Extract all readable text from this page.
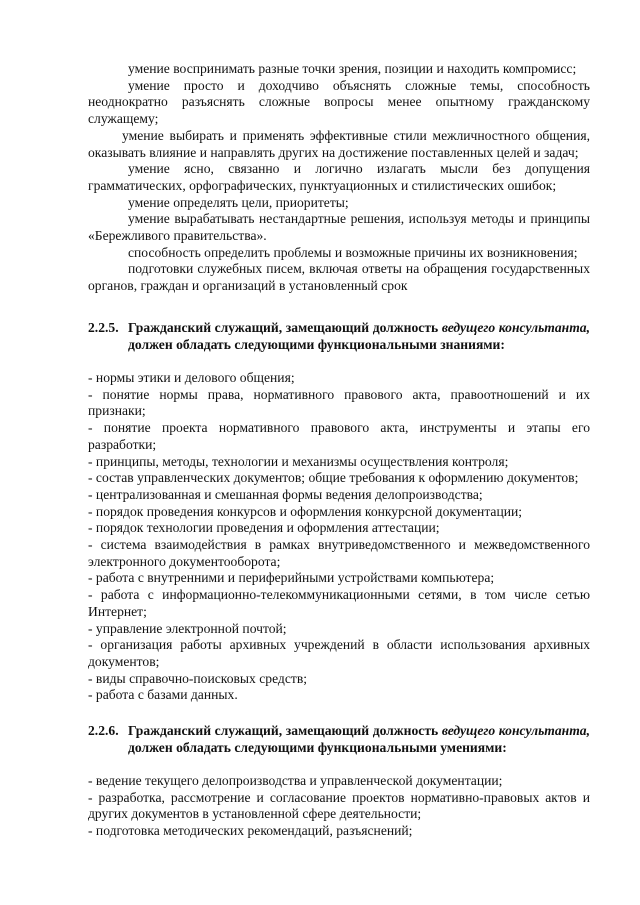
умение воспринимать разные точки зрения, позиции и находить компромисс;

умение просто и доходчиво объяснять сложные темы, способность неоднократно разъяснять сложные вопросы менее опытному гражданскому служащему;

умение выбирать и применять эффективные стили межличностного общения, оказывать влияние и направлять других на достижение поставленных целей и задач;

умение ясно, связанно и логично излагать мысли без допущения грамматических, орфографических, пунктуационных и стилистических ошибок;

умение определять цели, приоритеты;

умение вырабатывать нестандартные решения, используя методы и принципы «Бережливого правительства».

способность определить проблемы и возможные причины их возникновения;

подготовки служебных писем, включая ответы на обращения государственных органов, граждан и организаций в установленный срок

2.2.5. Гражданский служащий, замещающий должность ведущего консультанта, должен обладать следующими функциональными знаниями:

- нормы этики и делового общения;

- понятие нормы права, нормативного правового акта, правоотношений и их признаки;

- понятие проекта нормативного правового акта, инструменты и этапы его разработки;

- принципы, методы, технологии и механизмы осуществления контроля;

- состав управленческих документов; общие требования к оформлению документов;

- централизованная и смешанная формы ведения делопроизводства;

- порядок проведения конкурсов и оформления конкурсной документации;

- порядок технологии проведения и оформления аттестации;

- система взаимодействия в рамках внутриведомственного и межведомственного электронного документооборота;

- работа с внутренними и периферийными устройствами компьютера;

- работа с информационно-телекоммуникационными сетями, в том числе сетью Интернет;

- управление электронной почтой;

- организация работы архивных учреждений в области использования архивных документов;

- виды справочно-поисковых средств;

- работа с базами данных.

2.2.6. Гражданский служащий, замещающий должность ведущего консультанта, должен обладать следующими функциональными умениями:

- ведение текущего делопроизводства и управленческой документации;

- разработка, рассмотрение и согласование проектов нормативно-правовых актов и других документов в установленной сфере деятельности;

- подготовка методических рекомендаций, разъяснений;
